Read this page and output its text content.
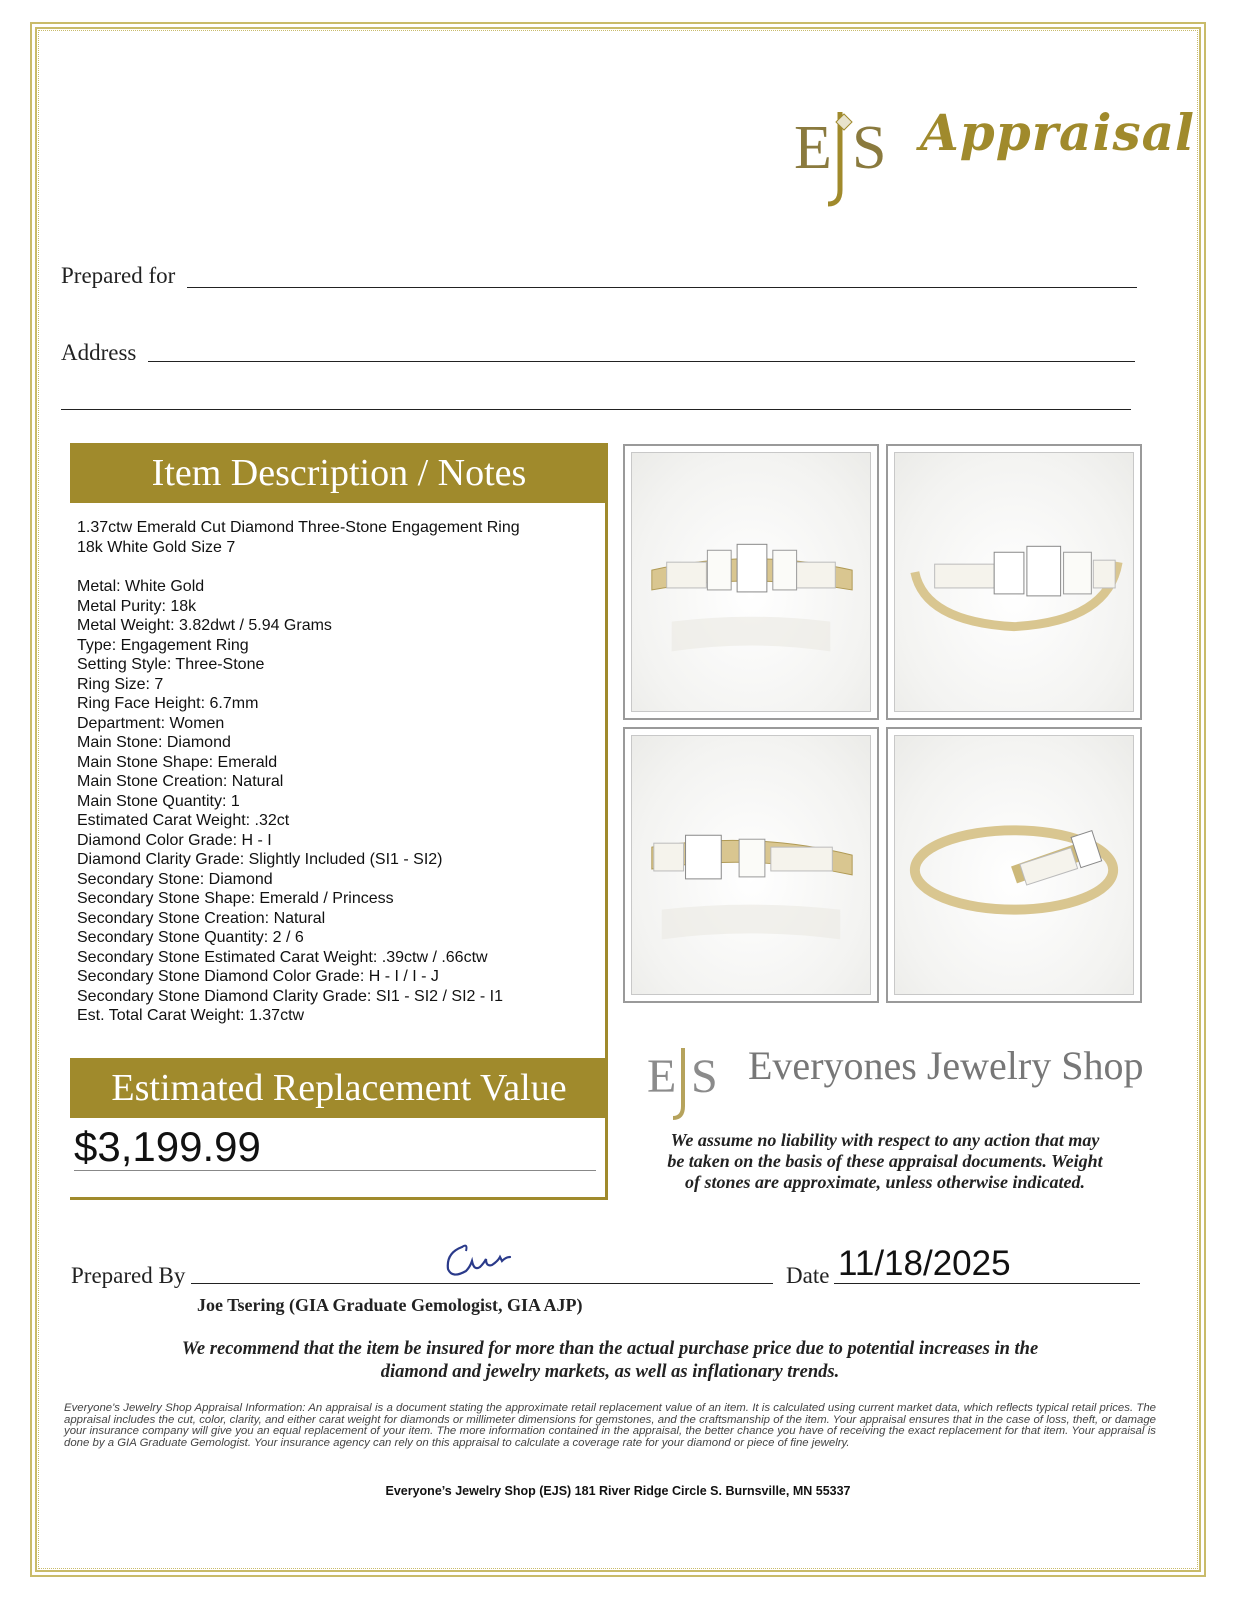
E S Appraisal
Prepared for
Address
Item Description / Notes
1.37ctw Emerald Cut Diamond Three-Stone Engagement Ring
18k White Gold Size 7
Metal: White Gold
Metal Purity: 18k
Metal Weight: 3.82dwt / 5.94 Grams
Type: Engagement Ring
Setting Style: Three-Stone
Ring Size: 7
Ring Face Height: 6.7mm
Department: Women
Main Stone: Diamond
Main Stone Shape: Emerald
Main Stone Creation: Natural
Main Stone Quantity: 1
Estimated Carat Weight: .32ct
Diamond Color Grade: H - I
Diamond Clarity Grade: Slightly Included (SI1 - SI2)
Secondary Stone: Diamond
Secondary Stone Shape: Emerald / Princess
Secondary Stone Creation: Natural
Secondary Stone Quantity: 2 / 6
Secondary Stone Estimated Carat Weight: .39ctw / .66ctw
Secondary Stone Diamond Color Grade: H - I / I - J
Secondary Stone Diamond Clarity Grade: SI1 - SI2 / SI2 - I1
Est. Total Carat Weight: 1.37ctw
Estimated Replacement Value
$3,199.99
E S Everyones Jewelry Shop
We assume no liability with respect to any action that may
be taken on the basis of these appraisal documents. Weight
of stones are approximate, unless otherwise indicated.
Prepared By	Date 11/18/2025
Joe Tsering (GIA Graduate Gemologist, GIA AJP)
We recommend that the item be insured for more than the actual purchase price due to potential increases in the
diamond and jewelry markets, as well as inflationary trends.
Everyone's Jewelry Shop Appraisal Information: An appraisal is a document stating the approximate retail replacement value of an item. It is calculated using current market data, which reflects typical retail prices. The appraisal includes the cut, color, clarity, and either carat weight for diamonds or millimeter dimensions for gemstones, and the craftsmanship of the item. Your appraisal ensures that in the case of loss, theft, or damage your insurance company will give you an equal replacement of your item. The more information contained in the appraisal, the better chance you have of receiving the exact replacement for that item. Your appraisal is done by a GIA Graduate Gemologist. Your insurance agency can rely on this appraisal to calculate a coverage rate for your diamond or piece of fine jewelry.
Everyone’s Jewelry Shop (EJS) 181 River Ridge Circle S. Burnsville, MN 55337
